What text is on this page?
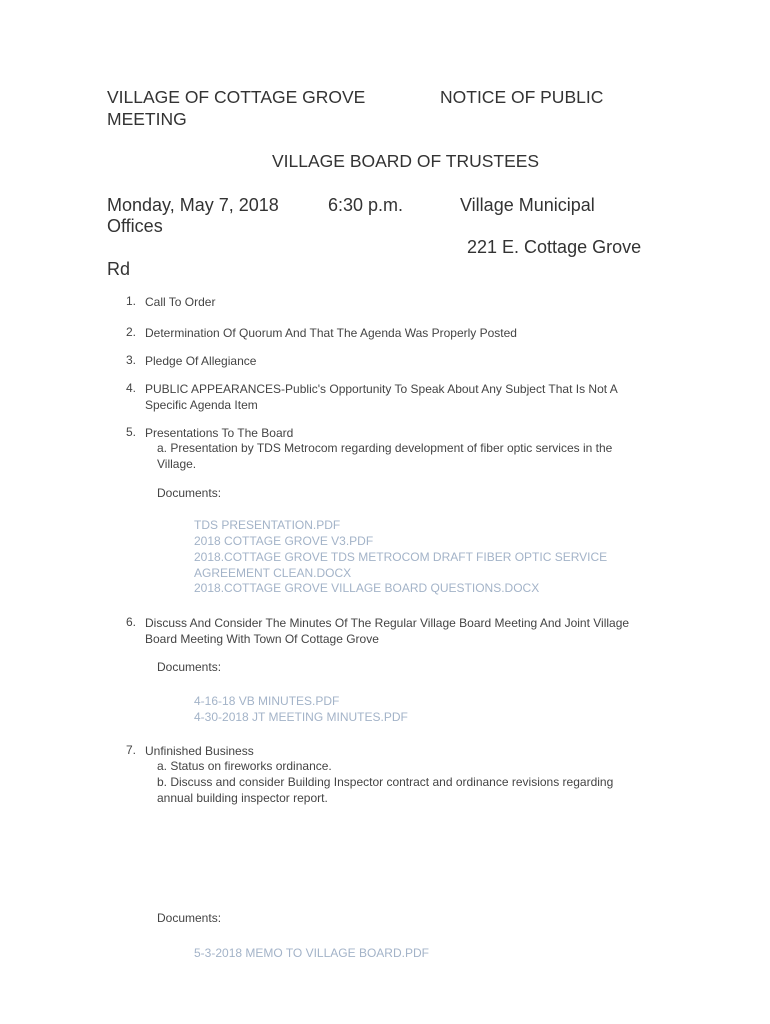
VILLAGE OF COTTAGE GROVE	NOTICE OF PUBLIC
MEETING
VILLAGE BOARD OF TRUSTEES
Monday, May 7, 2018	6:30 p.m.	Village Municipal
Offices
221 E. Cottage Grove
Rd
1. Call To Order
2. Determination Of Quorum And That The Agenda Was Properly Posted
3. Pledge Of Allegiance
4. PUBLIC APPEARANCES-Public's Opportunity To Speak About Any Subject That Is Not A
Specific Agenda Item
5. Presentations To The Board
a. Presentation by TDS Metrocom regarding development of fiber optic services in the
Village.
Documents:
TDS PRESENTATION.PDF
2018 COTTAGE GROVE V3.PDF
2018.COTTAGE GROVE TDS METROCOM DRAFT FIBER OPTIC SERVICE
AGREEMENT CLEAN.DOCX
2018.COTTAGE GROVE VILLAGE BOARD QUESTIONS.DOCX
6. Discuss And Consider The Minutes Of The Regular Village Board Meeting And Joint Village
Board Meeting With Town Of Cottage Grove
Documents:
4-16-18 VB MINUTES.PDF
4-30-2018 JT MEETING MINUTES.PDF
7. Unfinished Business
a. Status on fireworks ordinance.
b. Discuss and consider Building Inspector contract and ordinance revisions regarding
annual building inspector report.
Documents:
5-3-2018 MEMO TO VILLAGE BOARD.PDF
